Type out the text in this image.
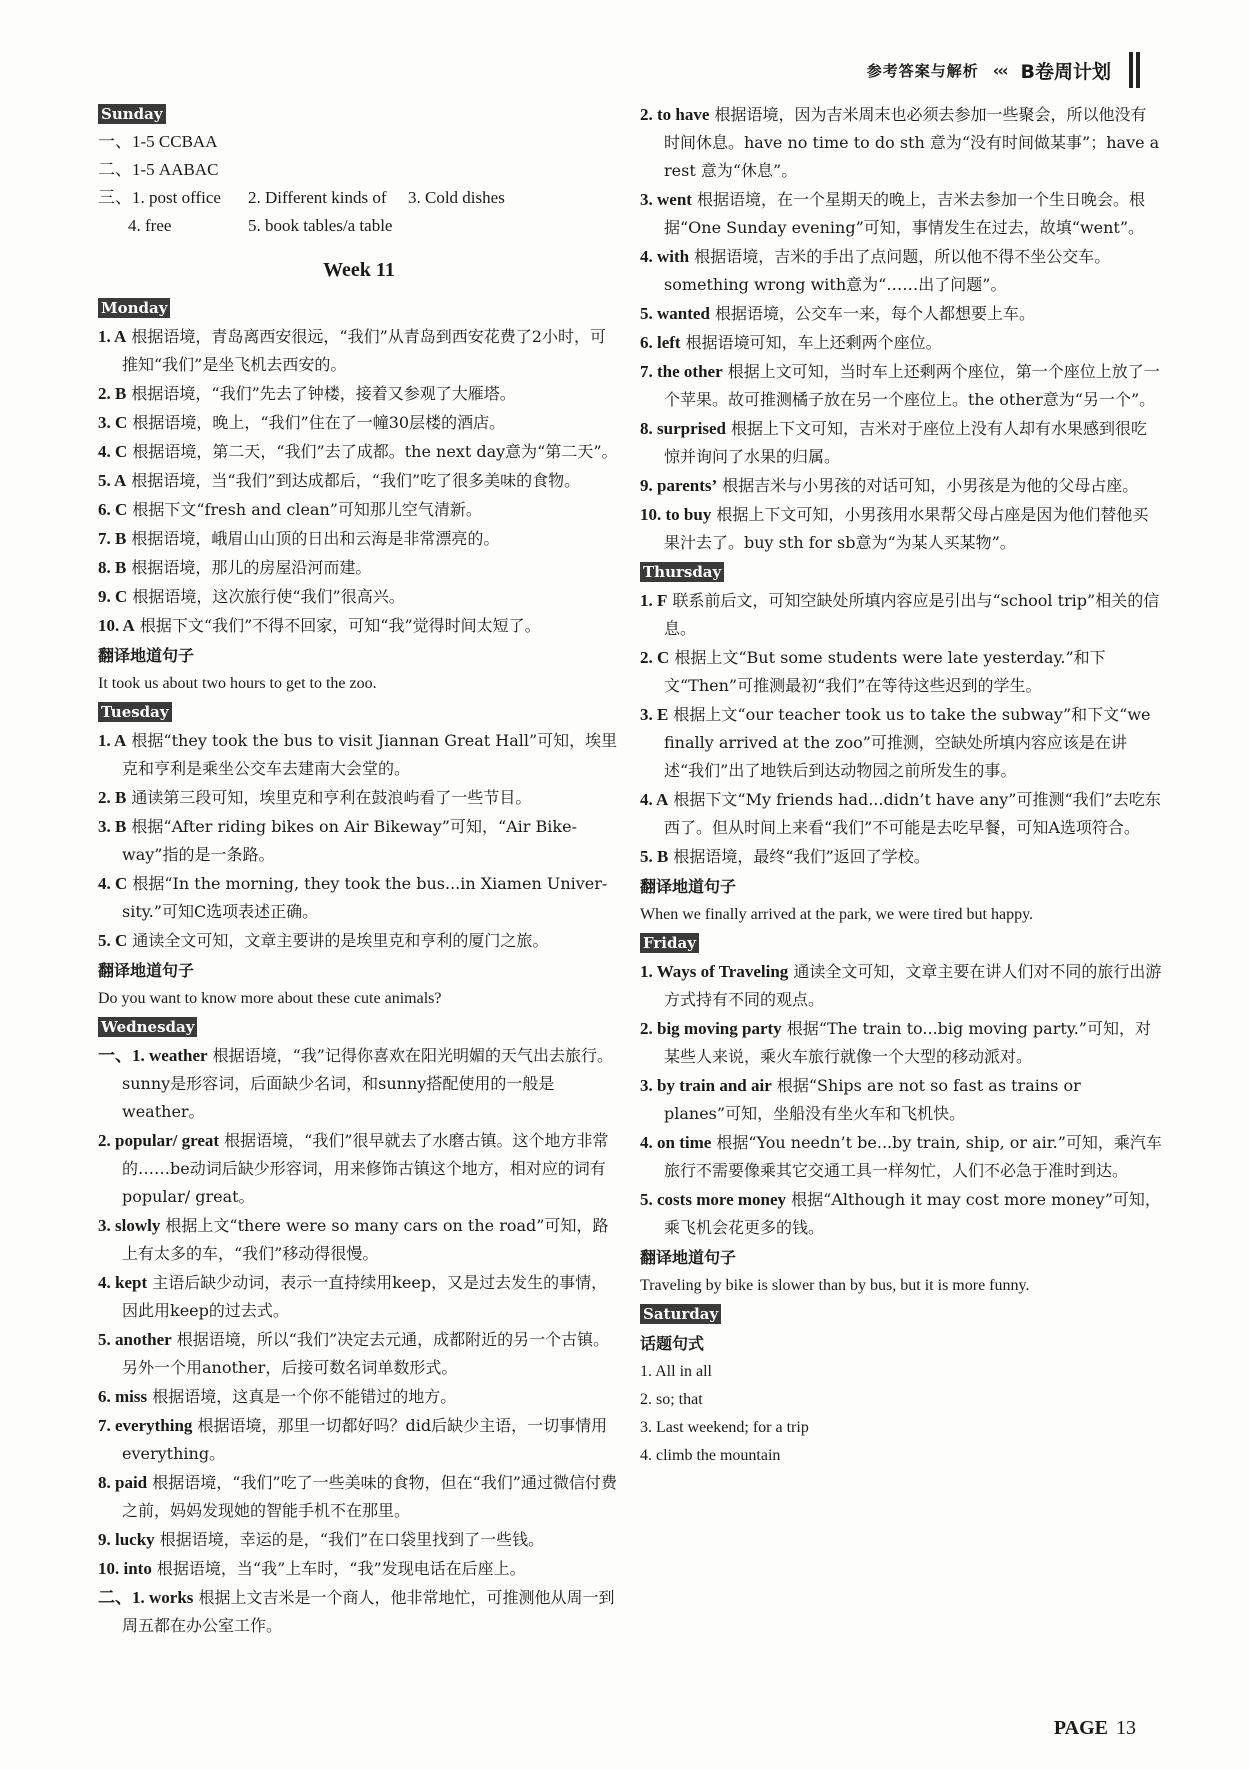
参考答案与解析 ‹‹‹ B卷周计划
Sunday
一、1-5 CCBAA
二、1-5 AABAC
三、1. post office	2. Different kinds of	3. Cold dishes
4. free	5. book tables/a table
Week 11
Monday
1. A 根据语境，青岛离西安很远，“我们”从青岛到西安花费了2小时，可推知“我们”是坐飞机去西安的。
2. B 根据语境，“我们”先去了钟楼，接着又参观了大雁塔。
3. C 根据语境，晚上，“我们”住在了一幢30层楼的酒店。
4. C 根据语境，第二天，“我们”去了成都。the next day意为“第二天”。
5. A 根据语境，当“我们”到达成都后，“我们”吃了很多美味的食物。
6. C 根据下文“fresh and clean”可知那儿空气清新。
7. B 根据语境，峨眉山山顶的日出和云海是非常漂亮的。
8. B 根据语境，那儿的房屋沿河而建。
9. C 根据语境，这次旅行使“我们”很高兴。
10. A 根据下文“我们”不得不回家，可知“我”觉得时间太短了。
翻译地道句子
It took us about two hours to get to the zoo.
Tuesday
1. A 根据“they took the bus to visit Jiannan Great Hall”可知，埃里克和亨利是乘坐公交车去建南大会堂的。
2. B 通读第三段可知，埃里克和亨利在鼓浪屿看了一些节目。
3. B 根据“After riding bikes on Air Bikeway”可知，“Air Bike-way”指的是一条路。
4. C 根据“In the morning, they took the bus...in Xiamen Univer-sity.”可知C选项表述正确。
5. C 通读全文可知，文章主要讲的是埃里克和亨利的厦门之旅。
翻译地道句子
Do you want to know more about these cute animals?
Wednesday
一、1. weather 根据语境，“我”记得你喜欢在阳光明媚的天气出去旅行。sunny是形容词，后面缺少名词，和sunny搭配使用的一般是weather。
2. popular/ great 根据语境，“我们”很早就去了水磨古镇。这个地方非常的……be动词后缺少形容词，用来修饰古镇这个地方，相对应的词有popular/ great。
3. slowly 根据上文“there were so many cars on the road”可知，路上有太多的车，“我们”移动得很慢。
4. kept 主语后缺少动词，表示一直持续用keep，又是过去发生的事情，因此用keep的过去式。
5. another 根据语境，所以“我们”决定去元通，成都附近的另一个古镇。另外一个用another，后接可数名词单数形式。
6. miss 根据语境，这真是一个你不能错过的地方。
7. everything 根据语境，那里一切都好吗？did后缺少主语，一切事情用everything。
8. paid 根据语境，“我们”吃了一些美味的食物，但在“我们”通过微信付费之前，妈妈发现她的智能手机不在那里。
9. lucky 根据语境，幸运的是，“我们”在口袋里找到了一些钱。
10. into 根据语境，当“我”上车时，“我”发现电话在后座上。
二、1. works 根据上文吉米是一个商人，他非常地忙，可推测他从周一到周五都在办公室工作。
2. to have 根据语境，因为吉米周末也必须去参加一些聚会，所以他没有时间休息。have no time to do sth 意为“没有时间做某事”；have a rest 意为“休息”。
3. went 根据语境，在一个星期天的晚上，吉米去参加一个生日晚会。根据“One Sunday evening”可知，事情发生在过去，故填“went”。
4. with 根据语境，吉米的手出了点问题，所以他不得不坐公交车。something wrong with意为“……出了问题”。
5. wanted 根据语境，公交车一来，每个人都想要上车。
6. left 根据语境可知，车上还剩两个座位。
7. the other 根据上文可知，当时车上还剩两个座位，第一个座位上放了一个苹果。故可推测橘子放在另一个座位上。the other意为“另一个”。
8. surprised 根据上下文可知，吉米对于座位上没有人却有水果感到很吃惊并询问了水果的归属。
9. parents’ 根据吉米与小男孩的对话可知，小男孩是为他的父母占座。
10. to buy 根据上下文可知，小男孩用水果帮父母占座是因为他们替他买果汁去了。buy sth for sb意为“为某人买某物”。
Thursday
1. F 联系前后文，可知空缺处所填内容应是引出与“school trip”相关的信息。
2. C 根据上文“But some students were late yesterday.”和下文“Then”可推测最初“我们”在等待这些迟到的学生。
3. E 根据上文“our teacher took us to take the subway”和下文“we finally arrived at the zoo”可推测，空缺处所填内容应该是在讲述“我们”出了地铁后到达动物园之前所发生的事。
4. A 根据下文“My friends had...didn’t have any”可推测“我们”去吃东西了。但从时间上来看“我们”不可能是去吃早餐，可知A选项符合。
5. B 根据语境，最终“我们”返回了学校。
翻译地道句子
When we finally arrived at the park, we were tired but happy.
Friday
1. Ways of Traveling 通读全文可知，文章主要在讲人们对不同的旅行出游方式持有不同的观点。
2. big moving party 根据“The train to...big moving party.”可知，对某些人来说，乘火车旅行就像一个大型的移动派对。
3. by train and air 根据“Ships are not so fast as trains or planes”可知，坐船没有坐火车和飞机快。
4. on time 根据“You needn’t be...by train, ship, or air.”可知，乘汽车旅行不需要像乘其它交通工具一样匆忙，人们不必急于准时到达。
5. costs more money 根据“Although it may cost more money”可知，乘飞机会花更多的钱。
翻译地道句子
Traveling by bike is slower than by bus, but it is more funny.
Saturday
话题句式
1. All in all
2. so; that
3. Last weekend; for a trip
4. climb the mountain
PAGE 13
